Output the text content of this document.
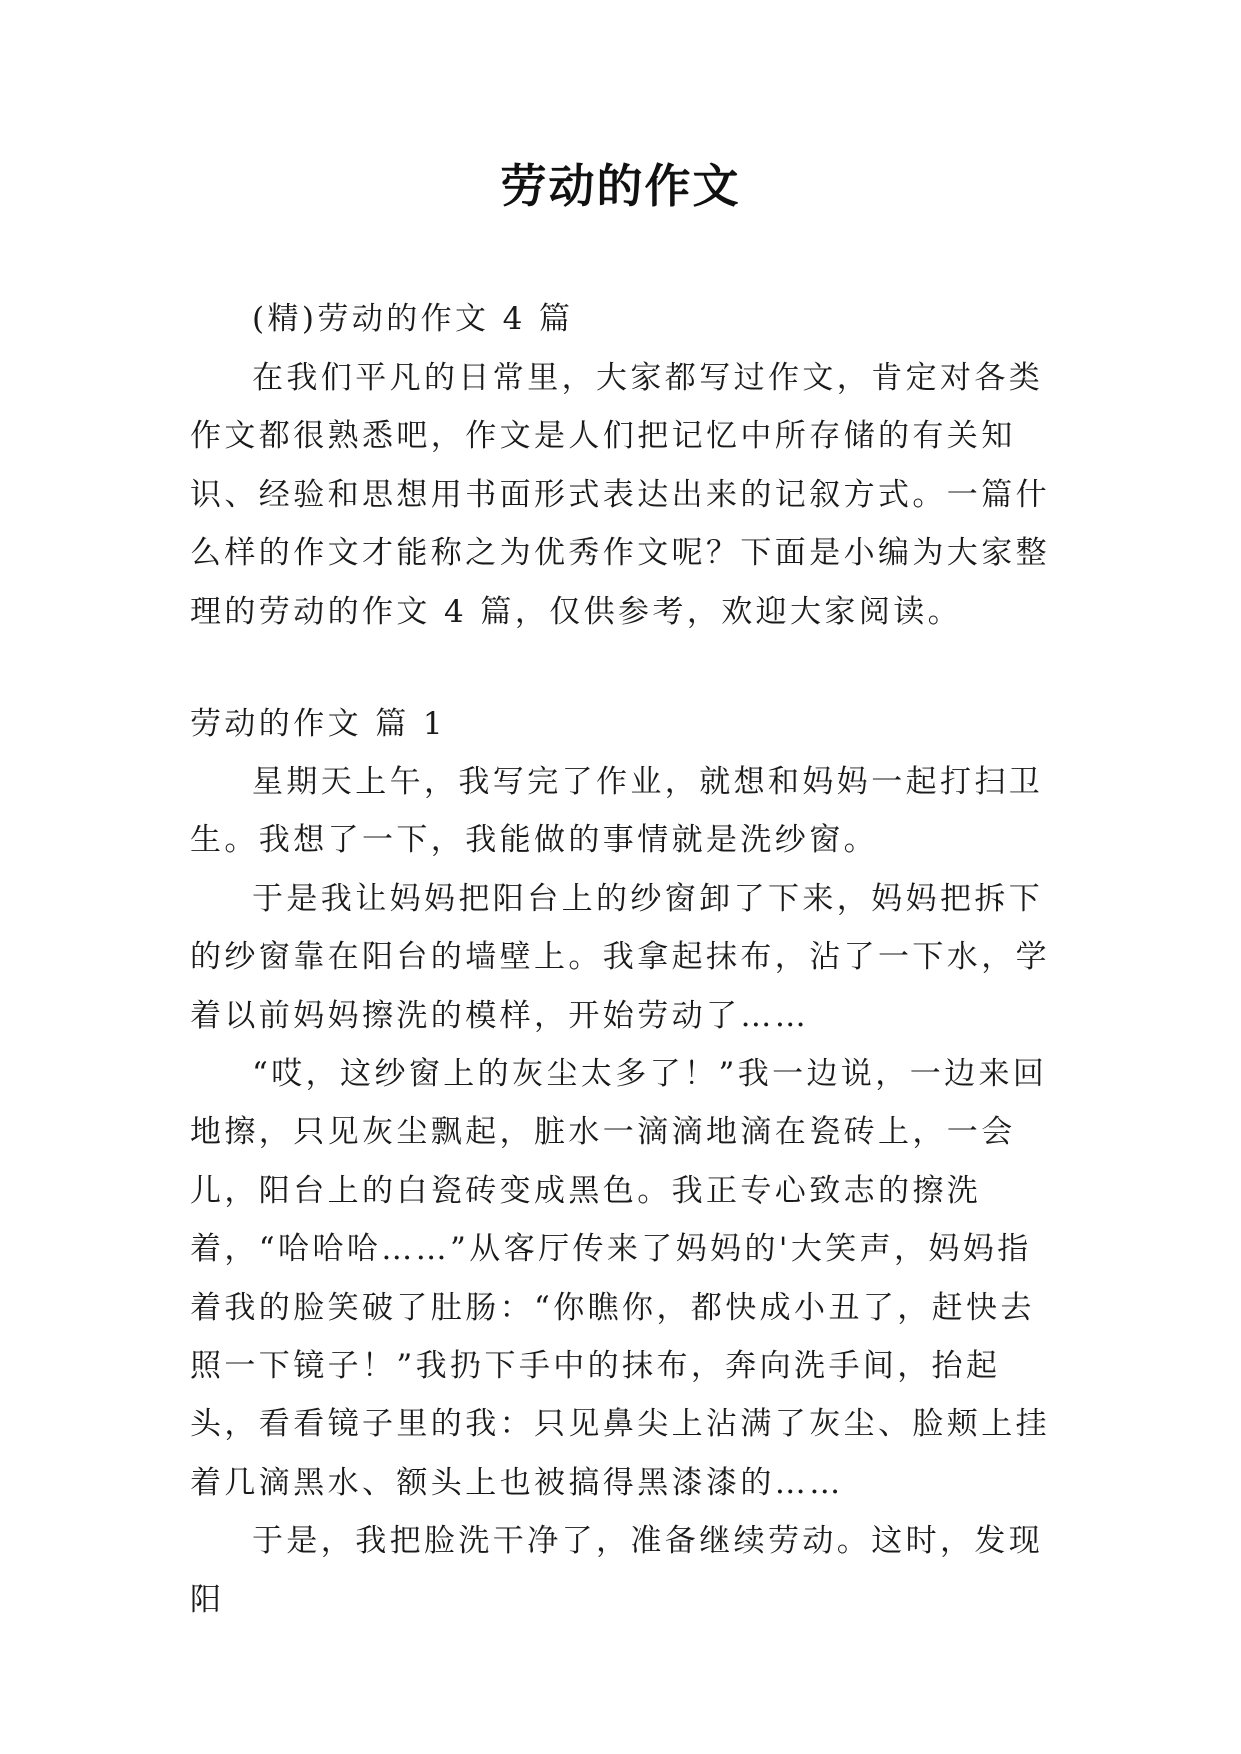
劳动的作文

(精)劳动的作文 4 篇

在我们平凡的日常里，大家都写过作文，肯定对各类作文都很熟悉吧，作文是人们把记忆中所存储的有关知识、经验和思想用书面形式表达出来的记叙方式。一篇什么样的作文才能称之为优秀作文呢？下面是小编为大家整理的劳动的作文 4 篇，仅供参考，欢迎大家阅读。

劳动的作文 篇 1

星期天上午，我写完了作业，就想和妈妈一起打扫卫生。我想了一下，我能做的事情就是洗纱窗。

于是我让妈妈把阳台上的纱窗卸了下来，妈妈把拆下的纱窗靠在阳台的墙壁上。我拿起抹布，沾了一下水，学着以前妈妈擦洗的模样，开始劳动了……

“哎，这纱窗上的灰尘太多了！”我一边说，一边来回地擦，只见灰尘飘起，脏水一滴滴地滴在瓷砖上，一会儿，阳台上的白瓷砖变成黑色。我正专心致志的擦洗着，“哈哈哈……”从客厅传来了妈妈的'大笑声，妈妈指着我的脸笑破了肚肠：“你瞧你，都快成小丑了，赶快去照一下镜子！”我扔下手中的抹布，奔向洗手间，抬起头，看看镜子里的我：只见鼻尖上沾满了灰尘、脸颊上挂着几滴黑水、额头上也被搞得黑漆漆的……

于是，我把脸洗干净了，准备继续劳动。这时，发现阳
